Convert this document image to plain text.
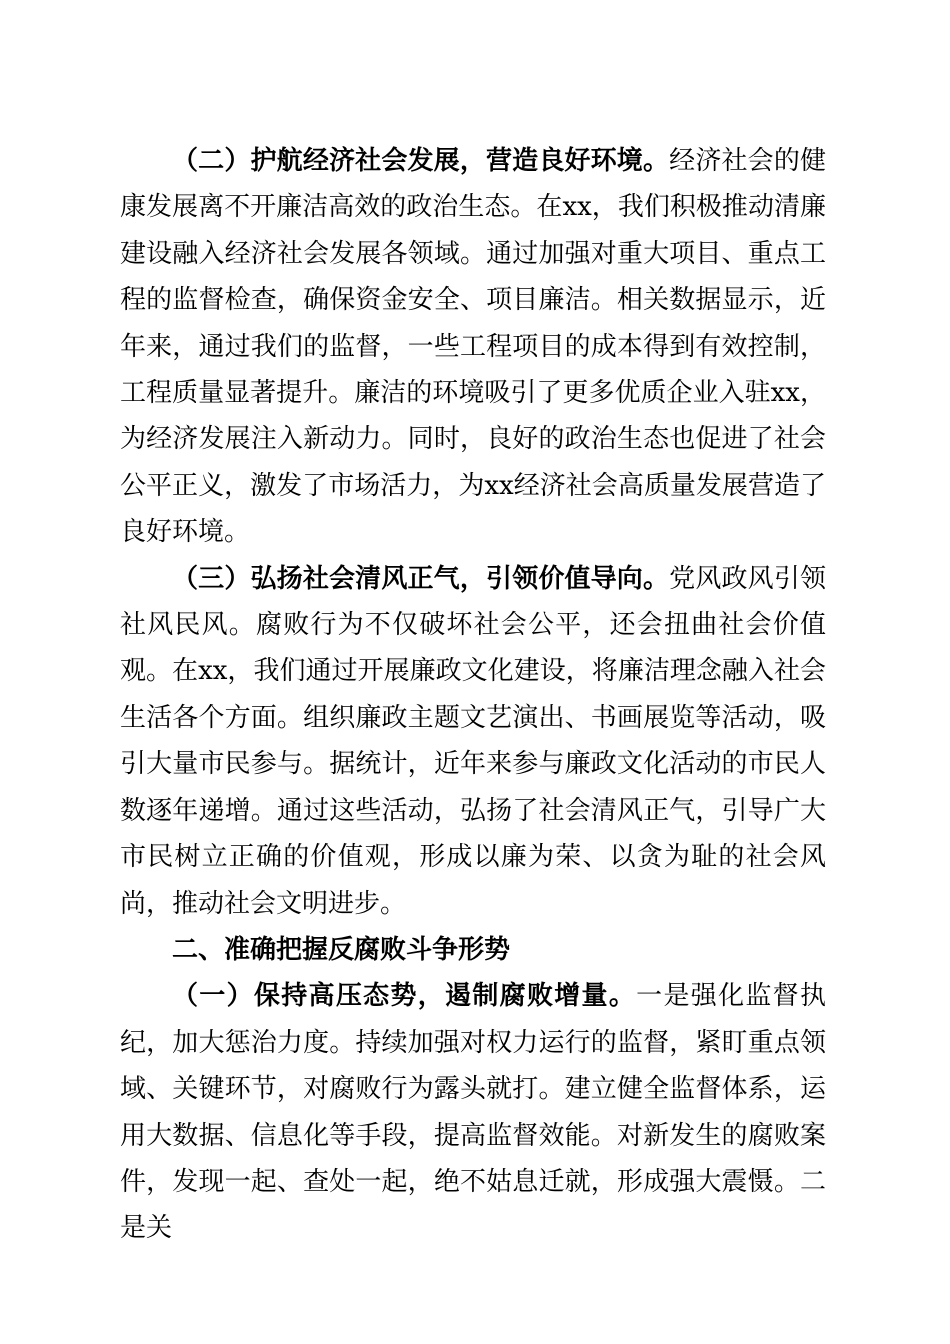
（二）护航经济社会发展，营造良好环境。经济社会的健康发展离不开廉洁高效的政治生态。在xx，我们积极推动清廉建设融入经济社会发展各领域。通过加强对重大项目、重点工程的监督检查，确保资金安全、项目廉洁。相关数据显示，近年来，通过我们的监督，一些工程项目的成本得到有效控制，工程质量显著提升。廉洁的环境吸引了更多优质企业入驻xx，为经济发展注入新动力。同时，良好的政治生态也促进了社会公平正义，激发了市场活力，为xx经济社会高质量发展营造了良好环境。

（三）弘扬社会清风正气，引领价值导向。党风政风引领社风民风。腐败行为不仅破坏社会公平，还会扭曲社会价值观。在xx，我们通过开展廉政文化建设，将廉洁理念融入社会生活各个方面。组织廉政主题文艺演出、书画展览等活动，吸引大量市民参与。据统计，近年来参与廉政文化活动的市民人数逐年递增。通过这些活动，弘扬了社会清风正气，引导广大市民树立正确的价值观，形成以廉为荣、以贪为耻的社会风尚，推动社会文明进步。

二、准确把握反腐败斗争形势

（一）保持高压态势，遏制腐败增量。一是强化监督执纪，加大惩治力度。持续加强对权力运行的监督，紧盯重点领域、关键环节，对腐败行为露头就打。建立健全监督体系，运用大数据、信息化等手段，提高监督效能。对新发生的腐败案件，发现一起、查处一起，绝不姑息迁就，形成强大震慑。二是关
